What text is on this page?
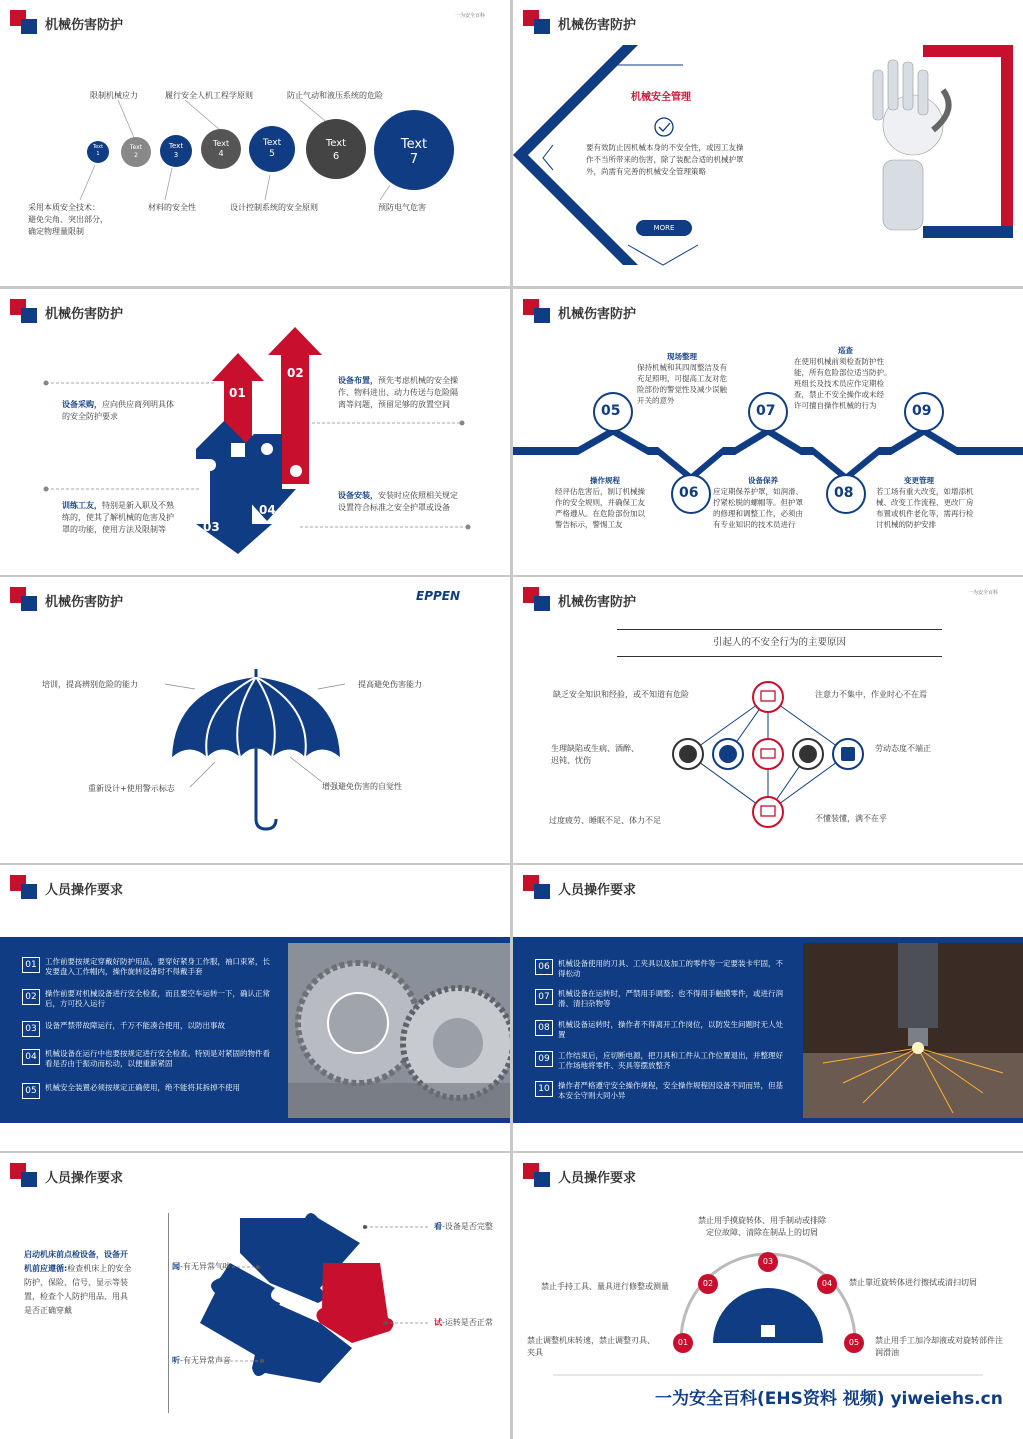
机械伤害防护
一为安全百科
限制机械应力	履行安全人机工程学原则	防止气动和液压系统的危险
Text
1
Text
2
Text
3
Text
4
Text
5
Text
6
Text
7
采用本质安全技术：
避免尖角、突出部分，
确定物理量限制
材料的安全性	设计控制系统的安全原则	预防电气危害
机械伤害防护
机械安全管理
要有效防止因机械本身的不安全性，或因工友操
作不当所带来的伤害，除了装配合适的机械护罩
外，尚需有完善的机械安全管理策略
MORE
机械伤害防护
01
02
03
04
设备采购，应向供应商列明具体
的安全防护要求
训练工友，特别是新入职及不熟
练的，使其了解机械的危害及护
罩的功能，使用方法及限制等
设备布置，预先考虑机械的安全操
作、物料进出、动力传送与危险隔
离等问题，预留足够的放置空间
设备安装，安装时应依照相关规定
设置符合标准之安全护罩或设备
机械伤害防护
05
06
07
08
09
现场整理
保持机械和其四周整洁及有
充足照明，可提高工友对危
险部份的警觉性及减少误触
开关的意外
操作规程
经评估危害后，制订机械操
作的安全规则，并确保工友
严格遵从。在危险部份加以
警告标示，警惕工友
设备保养
应定期保养护罩，如润滑、
拧紧松脱的螺帽等。但护罩
的修理和调整工作，必须由
有专业知识的技术员进行
巡查
在使用机械前须检查防护性
能，所有危险部位适当防护。
班组长及技术员应作定期检
查，禁止不安全操作或未经
许可擅自操作机械的行为
变更管理
若工场有重大改变，如增添机
械、改变工作流程、更改厂房
布置或机件老化等，需再行检
讨机械的防护安排
机械伤害防护	EPPEN
培训，提高辨别危险的能力	提高避免伤害能力
重新设计+使用警示标志	增强避免伤害的自觉性
机械伤害防护
一为安全百科
引起人的不安全行为的主要原因
缺乏安全知识和经验，或不知道有危险	注意力不集中，作业时心不在焉
生理缺陷或生病、酒醉、
迟钝、忧伤
劳动态度不端正
过度疲劳、睡眠不足、体力不足	不懂装懂，满不在乎
人员操作要求
01 工作前要按规定穿戴好防护用品，要穿好紧身工作服，袖口束紧，长发要盘入工作帽内，操作旋转设备时不得戴手套
02 操作前要对机械设备进行安全检查，而且要空车运转一下，确认正常后，方可投入运行
03 设备严禁带故障运行，千万不能凑合使用，以防出事故
04 机械设备在运行中也要按规定进行安全检查。特别是对紧固的物件看看是否由于振动而松动，以便重新紧固
05 机械安全装置必须按规定正确使用，绝不能将其拆掉不使用
人员操作要求
06 机械设备使用的刀具、工夹具以及加工的零件等一定要装卡牢固，不得松动
07 机械设备在运转时，严禁用手调整；也不得用手触摸零件，或进行润滑、清扫杂物等
08 机械设备运转时，操作者不得离开工作岗位，以防发生问题时无人处置
09 工作结束后，应切断电源，把刀具和工件从工作位置退出，并整理好工作场地将零件、夹具等摆放整齐
10 操作者严格遵守安全操作规程，安全操作规程因设备不同而异，但基本安全守则大同小异
人员操作要求
启动机床前点检设备，设备开
机前应遵循:检查机床上的安全
防护、保险、信号、显示等装
置，检查个人防护用品、用具
是否正确穿戴
看-设备是否完整
闻-有无异常气味
试-运转是否正常
听-有无异常声音
人员操作要求
01
02
03
04
05
禁止用手摸旋转体、用手制动或排除
定位故障、清除在制品上的切屑
禁止手持工具、量具进行修整或测量	禁止靠近旋转体进行擦拭或清扫切屑
禁止调整机床转速，禁止调整刃具、
夹具
禁止用手工加冷却液或对旋转部件注
润滑油
一为安全百科(EHS资料 视频) yiweiehs.cn
